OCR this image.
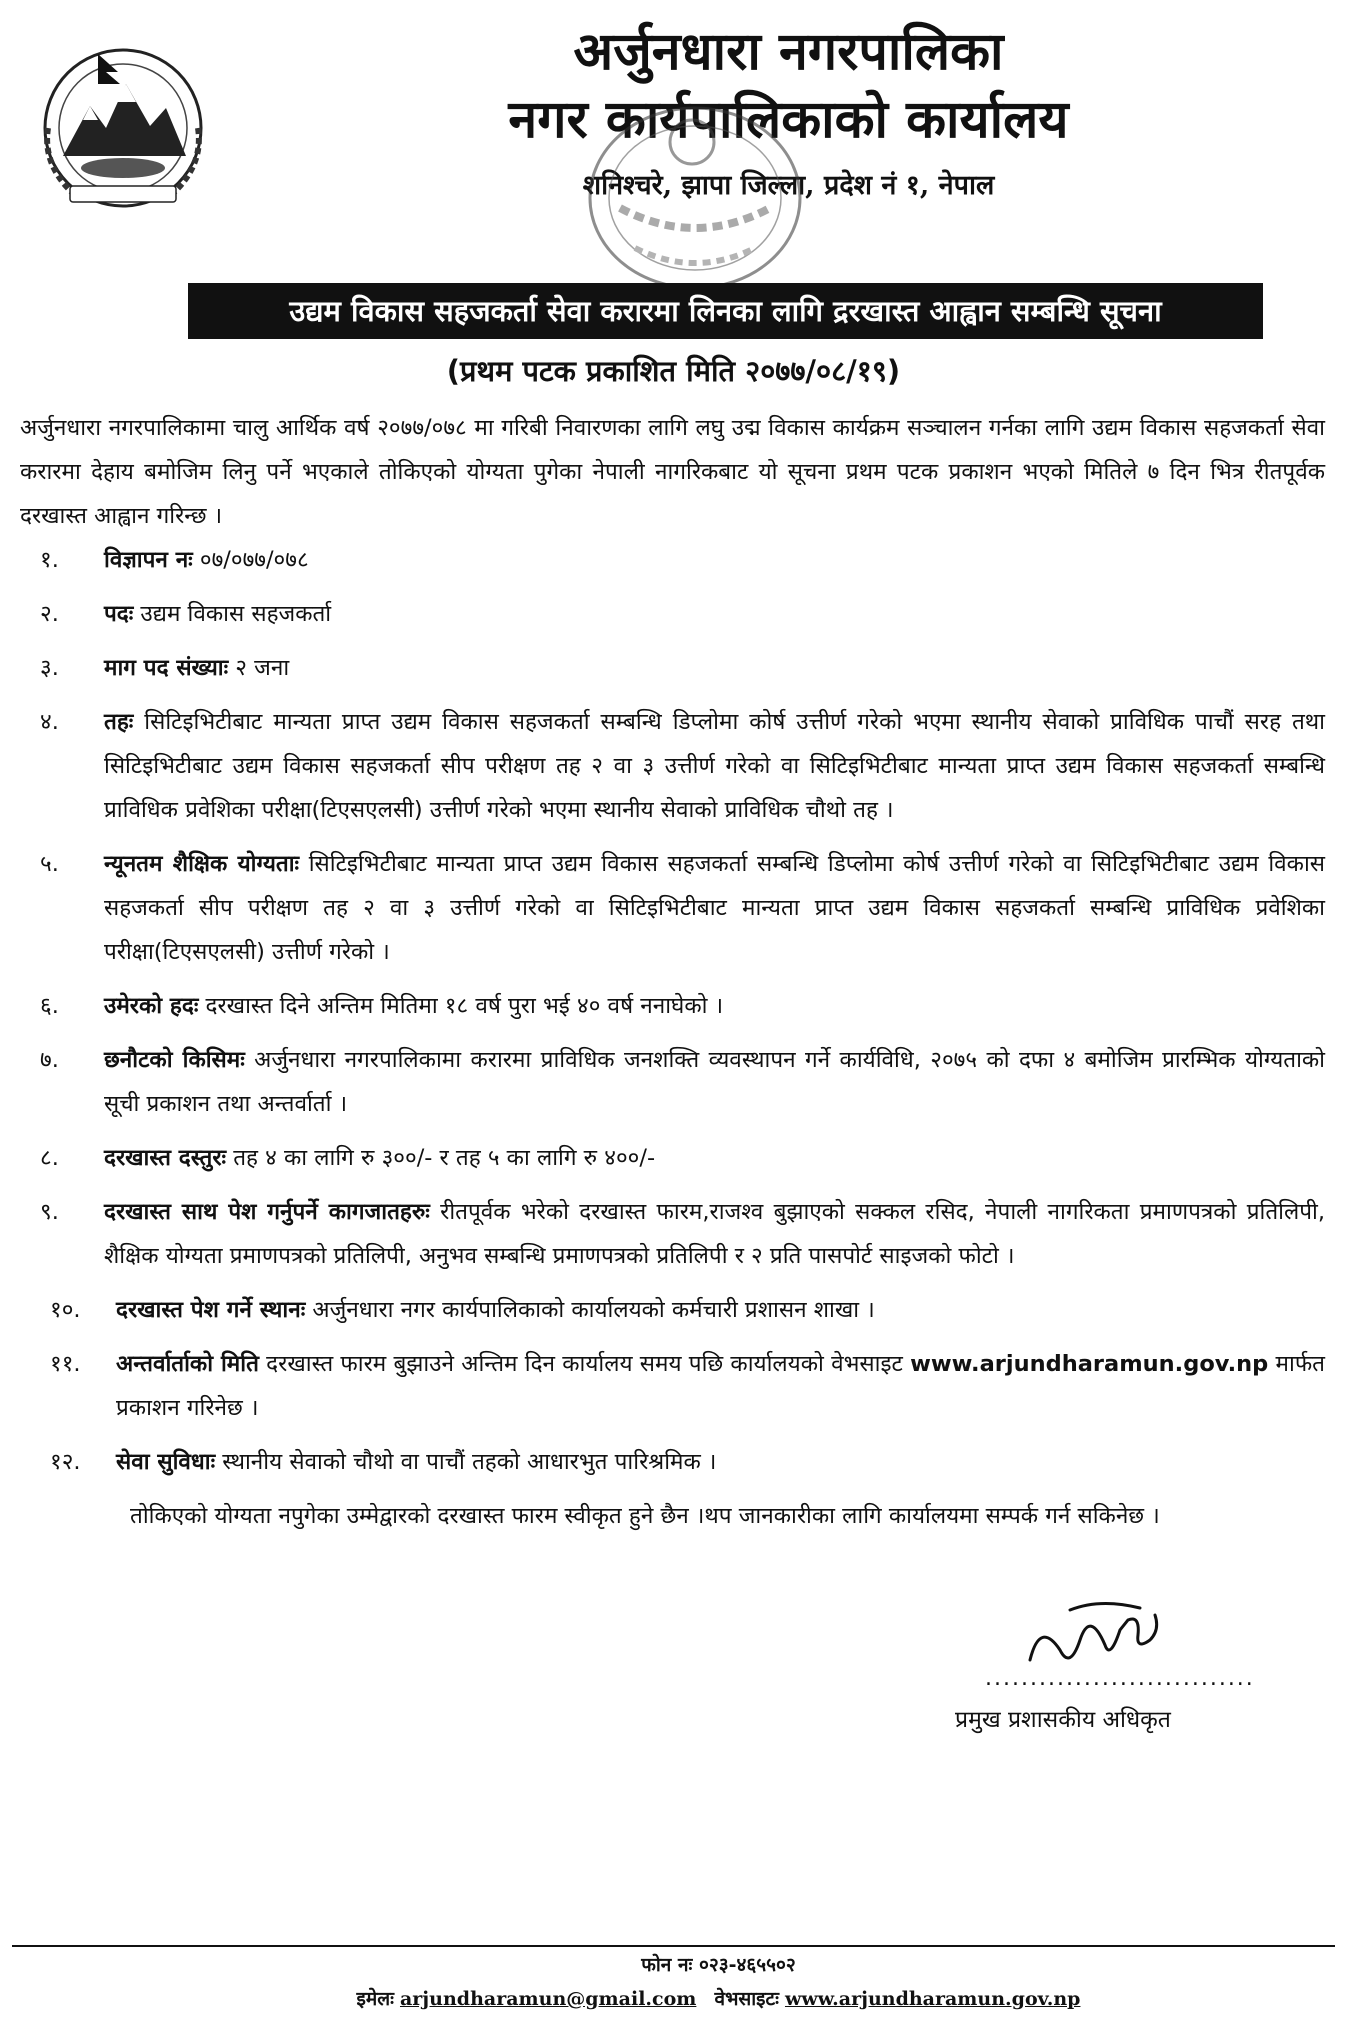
अर्जुनधारा नगरपालिका
नगर कार्यपालिकाको कार्यालय
शनिश्चरे, झापा जिल्ला, प्रदेश नं १, नेपाल
उद्यम विकास सहजकर्ता सेवा करारमा लिनका लागि द्ररखास्त आह्वान सम्बन्धि सूचना
(प्रथम पटक प्रकाशित मिति २०७७/०८/१९)

अर्जुनधारा नगरपालिकामा चालु आर्थिक वर्ष २०७७/०७८ मा गरिबी निवारणका लागि लघु उद्म विकास कार्यक्रम सञ्चालन गर्नका लागि उद्यम विकास सहजकर्ता सेवा करारमा देहाय बमोजिम लिनु पर्ने भएकाले तोकिएको योग्यता पुगेका नेपाली नागरिकबाट यो सूचना प्रथम पटक प्रकाशन भएको मितिले ७ दिन भित्र रीतपूर्वक दरखास्त आह्वान गरिन्छ ।

१.	विज्ञापन नः ०७/०७७/०७८
२.	पदः उद्यम विकास सहजकर्ता
३.	माग पद संख्याः २ जना
४.	तहः सिटिइभिटीबाट मान्यता प्राप्त उद्यम विकास सहजकर्ता सम्बन्धि डिप्लोमा कोर्ष उत्तीर्ण गरेको भएमा स्थानीय सेवाको प्राविधिक पाचौं सरह तथा सिटिइभिटीबाट उद्यम विकास सहजकर्ता सीप परीक्षण तह २ वा ३ उत्तीर्ण गरेको वा सिटिइभिटीबाट मान्यता प्राप्त उद्यम विकास सहजकर्ता सम्बन्धि प्राविधिक प्रवेशिका परीक्षा(टिएसएलसी) उत्तीर्ण गरेको भएमा स्थानीय सेवाको प्राविधिक चौथो तह ।
५.	न्यूनतम शैक्षिक योग्यताः सिटिइभिटीबाट मान्यता प्राप्त उद्यम विकास सहजकर्ता सम्बन्धि डिप्लोमा कोर्ष उत्तीर्ण गरेको वा सिटिइभिटीबाट उद्यम विकास सहजकर्ता सीप परीक्षण तह २ वा ३ उत्तीर्ण गरेको वा सिटिइभिटीबाट मान्यता प्राप्त उद्यम विकास सहजकर्ता सम्बन्धि प्राविधिक प्रवेशिका परीक्षा(टिएसएलसी) उत्तीर्ण गरेको ।
६.	उमेरको हदः दरखास्त दिने अन्तिम मितिमा १८ वर्ष पुरा भई ४० वर्ष ननाघेको ।
७.	छनौटको किसिमः अर्जुनधारा नगरपालिकामा करारमा प्राविधिक जनशक्ति व्यवस्थापन गर्ने कार्यविधि, २०७५ को दफा ४ बमोजिम प्रारम्भिक योग्यताको सूची प्रकाशन तथा अन्तर्वार्ता ।
८.	दरखास्त दस्तुरः तह ४ का लागि रु ३००/- र तह ५ का लागि रु ४००/-
९.	दरखास्त साथ पेश गर्नुपर्ने कागजातहरुः रीतपूर्वक भरेको दरखास्त फारम,राजश्व बुझाएको सक्कल रसिद, नेपाली नागरिकता प्रमाणपत्रको प्रतिलिपी, शैक्षिक योग्यता प्रमाणपत्रको प्रतिलिपी, अनुभव सम्बन्धि प्रमाणपत्रको प्रतिलिपी र २ प्रति पासपोर्ट साइजको फोटो ।
१०.	दरखास्त पेश गर्ने स्थानः अर्जुनधारा नगर कार्यपालिकाको कार्यालयको कर्मचारी प्रशासन शाखा ।
११.	अन्तर्वार्ताको मिति दरखास्त फारम बुझाउने अन्तिम दिन कार्यालय समय पछि कार्यालयको वेभसाइट www.arjundharamun.gov.np मार्फत प्रकाशन गरिनेछ ।
१२.	सेवा सुविधाः स्थानीय सेवाको चौथो वा पाचौं तहको आधारभुत पारिश्रमिक ।

तोकिएको योग्यता नपुगेका उम्मेद्वारको दरखास्त फारम स्वीकृत हुने छैन ।थप जानकारीका लागि कार्यालयमा सम्पर्क गर्न सकिनेछ ।

..............................
प्रमुख प्रशासकीय अधिकृत
फोन नः ०२३-४६५५०२
इमेलः arjundharamun@gmail.com वेभसाइटः www.arjundharamun.gov.np
